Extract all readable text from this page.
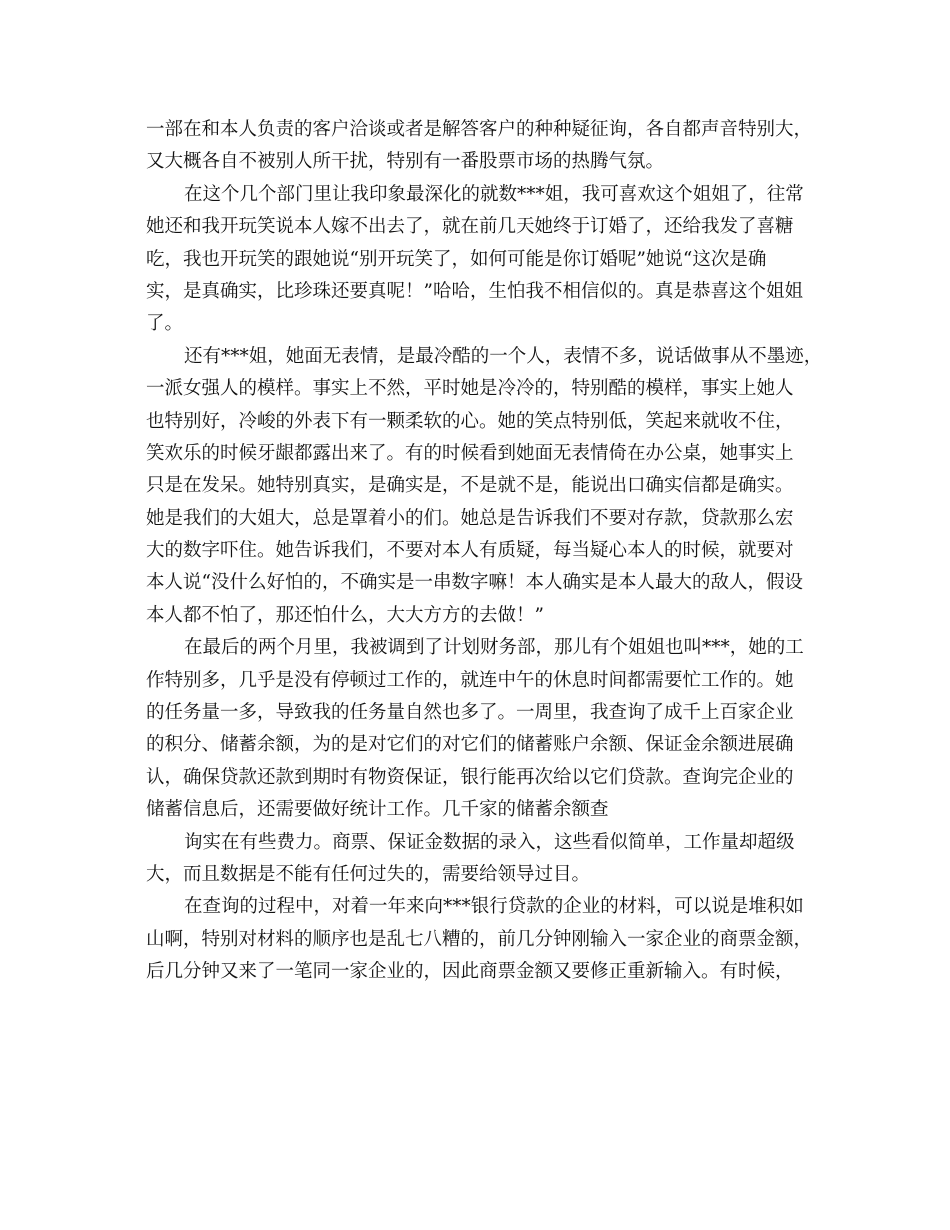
一部在和本人负责的客户洽谈或者是解答客户的种种疑征询，各自都声音特别大，
又大概各自不被别人所干扰，特别有一番股票市场的热腾气氛。
在这个几个部门里让我印象最深化的就数***姐，我可喜欢这个姐姐了，往常
她还和我开玩笑说本人嫁不出去了，就在前几天她终于订婚了，还给我发了喜糖
吃，我也开玩笑的跟她说“别开玩笑了，如何可能是你订婚呢”她说“这次是确
实，是真确实，比珍珠还要真呢！”哈哈，生怕我不相信似的。真是恭喜这个姐姐
了。
还有***姐，她面无表情，是最冷酷的一个人，表情不多，说话做事从不墨迹，
一派女强人的模样。事实上不然，平时她是冷冷的，特别酷的模样，事实上她人
也特别好，冷峻的外表下有一颗柔软的心。她的笑点特别低，笑起来就收不住，
笑欢乐的时候牙龈都露出来了。有的时候看到她面无表情倚在办公桌，她事实上
只是在发呆。她特别真实，是确实是，不是就不是，能说出口确实信都是确实。
她是我们的大姐大，总是罩着小的们。她总是告诉我们不要对存款，贷款那么宏
大的数字吓住。她告诉我们，不要对本人有质疑，每当疑心本人的时候，就要对
本人说“没什么好怕的，不确实是一串数字嘛！本人确实是本人最大的敌人，假设
本人都不怕了，那还怕什么，大大方方的去做！”
在最后的两个月里，我被调到了计划财务部，那儿有个姐姐也叫***，她的工
作特别多，几乎是没有停顿过工作的，就连中午的休息时间都需要忙工作的。她
的任务量一多，导致我的任务量自然也多了。一周里，我查询了成千上百家企业
的积分、储蓄余额，为的是对它们的对它们的储蓄账户余额、保证金余额进展确
认，确保贷款还款到期时有物资保证，银行能再次给以它们贷款。查询完企业的
储蓄信息后，还需要做好统计工作。几千家的储蓄余额查
询实在有些费力。商票、保证金数据的录入，这些看似简单，工作量却超级
大，而且数据是不能有任何过失的，需要给领导过目。
在查询的过程中，对着一年来向***银行贷款的企业的材料，可以说是堆积如
山啊，特别对材料的顺序也是乱七八糟的，前几分钟刚输入一家企业的商票金额，
后几分钟又来了一笔同一家企业的，因此商票金额又要修正重新输入。有时候，
